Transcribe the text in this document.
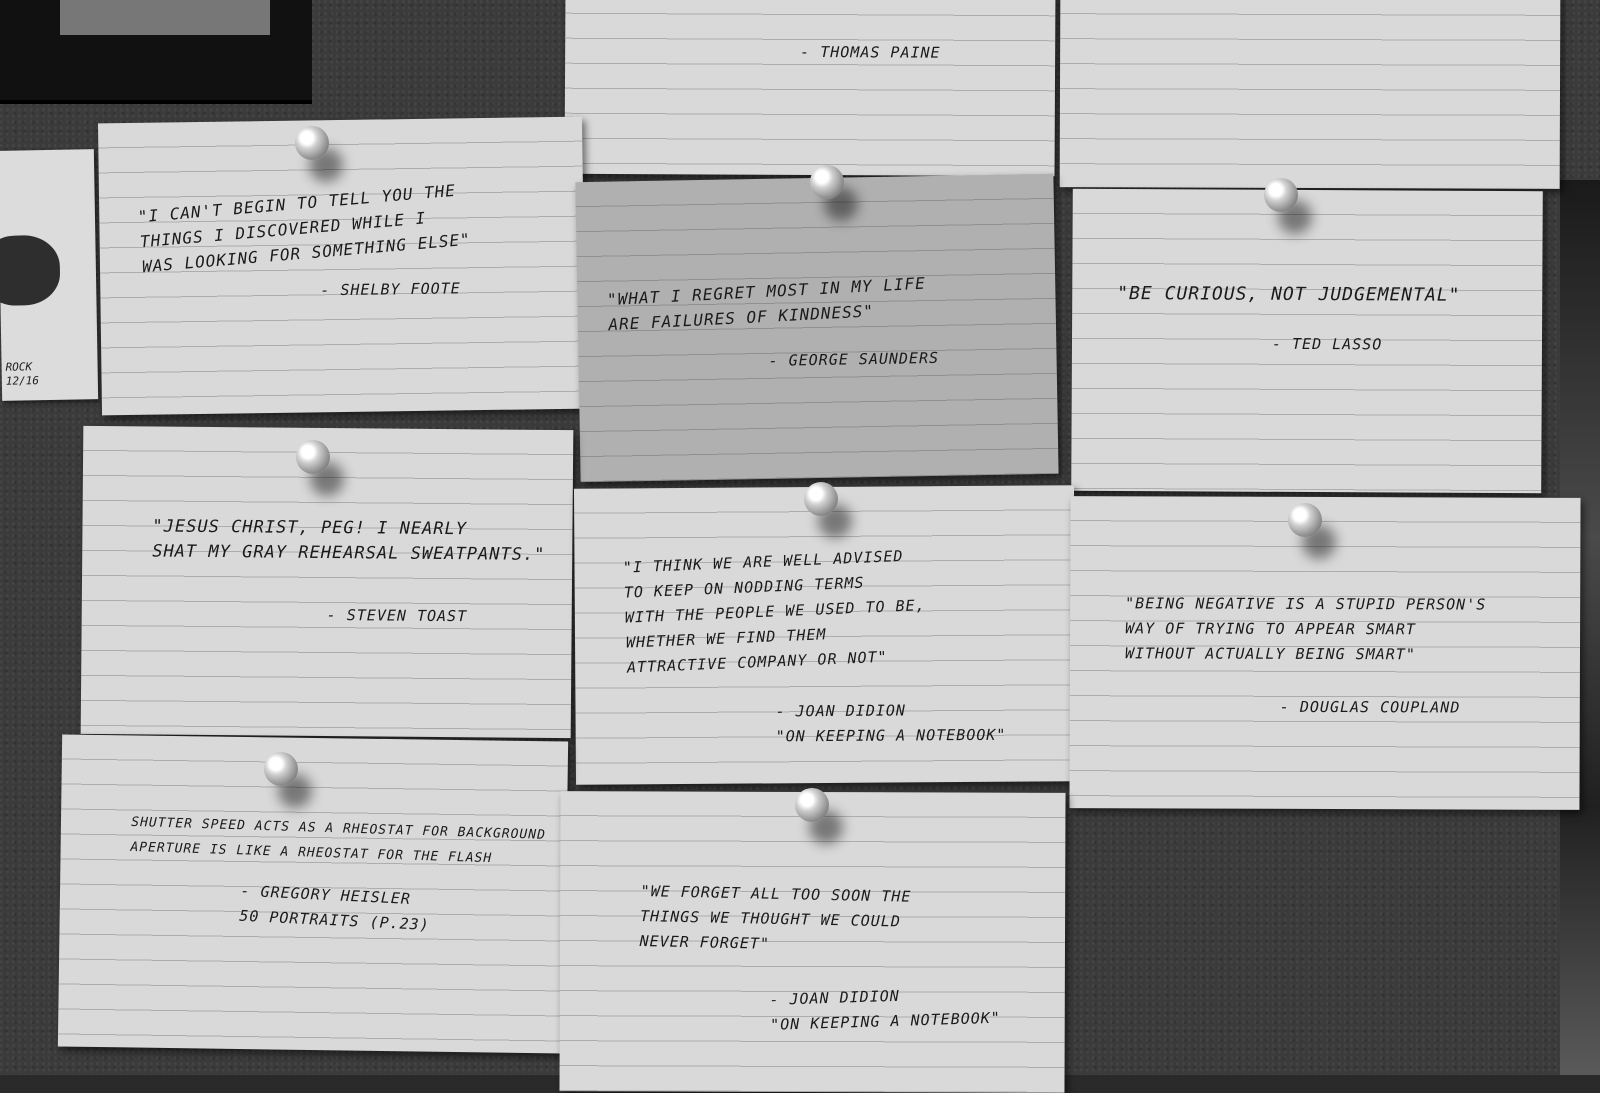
ROCK
12/16
- THOMAS PAINE
"I CAN'T BEGIN TO TELL YOU THE
THINGS I DISCOVERED WHILE I
WAS LOOKING FOR SOMETHING ELSE"
- SHELBY FOOTE	"WHAT I REGRET MOST IN MY LIFE
ARE FAILURES OF KINDNESS"
- GEORGE SAUNDERS
"BE CURIOUS, NOT JUDGEMENTAL"
- TED LASSO
"JESUS CHRIST, PEG! I NEARLY
SHAT MY GRAY REHEARSAL SWEATPANTS."
- STEVEN TOAST
"I THINK WE ARE WELL ADVISED
TO KEEP ON NODDING TERMS
WITH THE PEOPLE WE USED TO BE,
WHETHER WE FIND THEM
ATTRACTIVE COMPANY OR NOT"
- JOAN DIDION
"ON KEEPING A NOTEBOOK"
"BEING NEGATIVE IS A STUPID PERSON'S
WAY OF TRYING TO APPEAR SMART
WITHOUT ACTUALLY BEING SMART"
- DOUGLAS COUPLAND
SHUTTER SPEED ACTS AS A RHEOSTAT FOR BACKGROUND
APERTURE IS LIKE A RHEOSTAT FOR THE FLASH
- GREGORY HEISLER
50 PORTRAITS (P.23)
"WE FORGET ALL TOO SOON THE
THINGS WE THOUGHT WE COULD
NEVER FORGET"
- JOAN DIDION
"ON KEEPING A NOTEBOOK"
